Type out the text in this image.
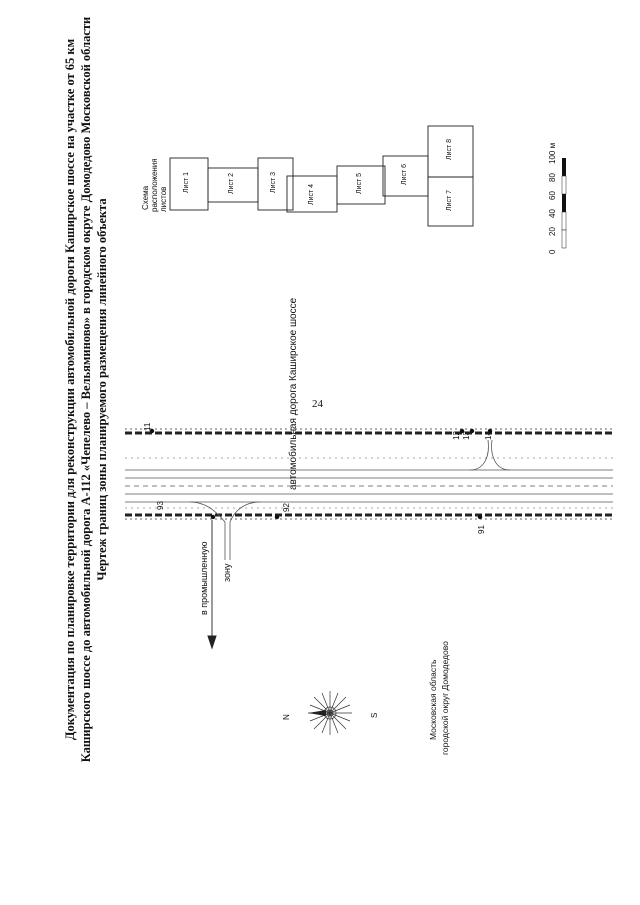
24
Документация по планировке территории для реконструкции автомобильной дороги Каширское шоссе на участке от 65 км Каширского шоссе до автомобильной дорога А-112 «Чепелево – Вельяминово» в городском округе Домодедово Московской области Чертеж границ зоны планируемого размещения линейного объекта	автомобильная дорога Каширское шоссе
в промышленную зону
Московская область городской округ Домодедово
N	S
93	92
91
11
12 13 14
Схема расположения листов
Лист 1	Лист 2	Лист 3
Лист 4
Лист 5	Лист 6
Лист 7
Лист 8
0
20
40
60
80
100 м
